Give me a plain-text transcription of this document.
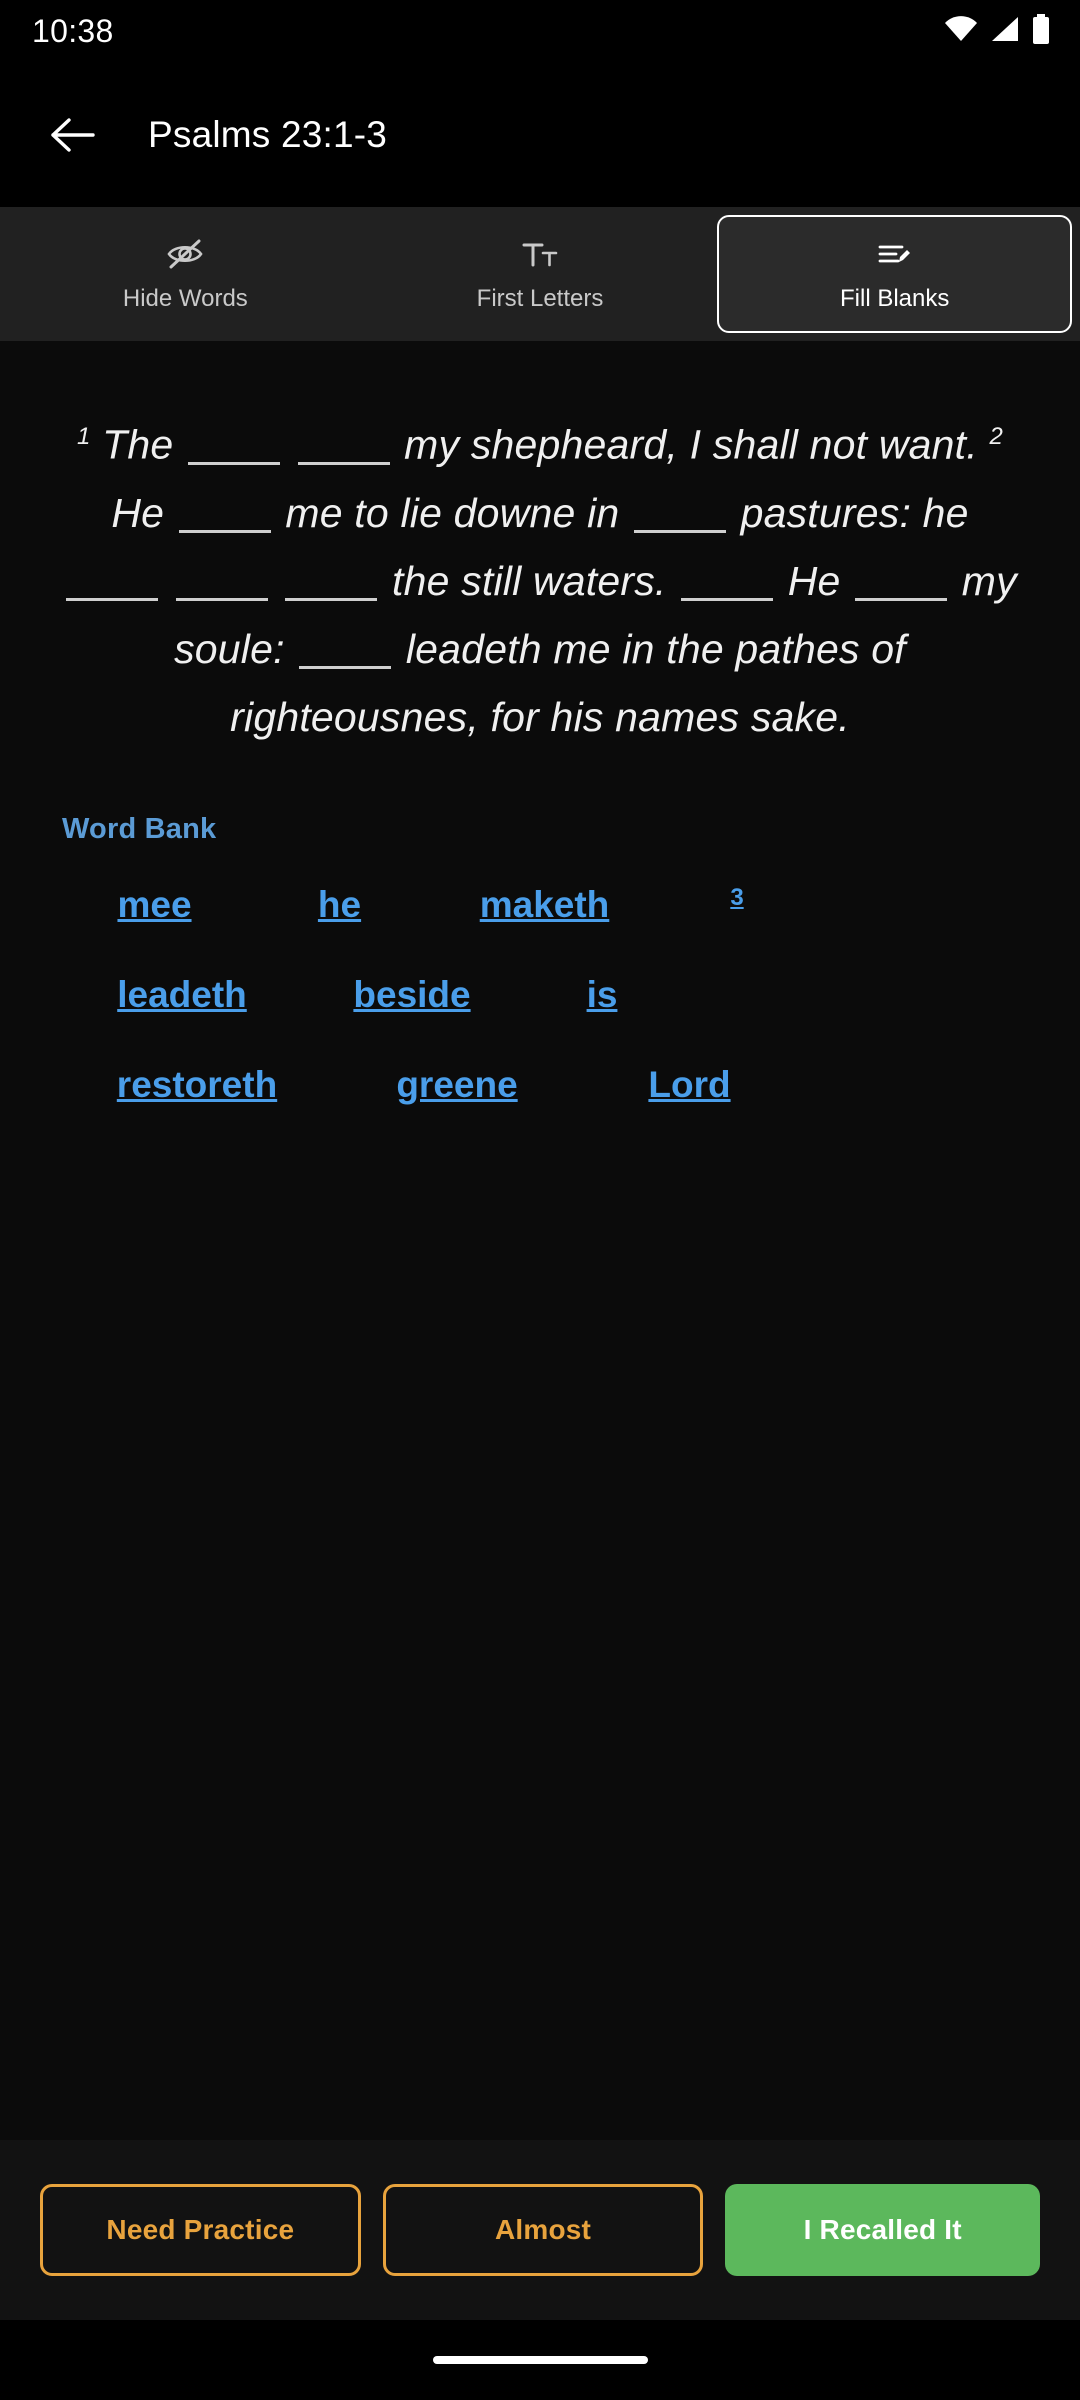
10:38
Psalms 23:1-3
Hide Words	First Letters	Fill Blanks
$^1$ The	my shepheard, I shall not want. $^2$ He  me to lie downe in  pastures: he    the still waters.  He  my soule:  leadeth me in the pathes of righteousnes, for his names sake.
Word Bank
mee	he	maketh	3
leadeth	beside	is
restoreth	greene	Lord
Need Practice	Almost	I Recalled It
